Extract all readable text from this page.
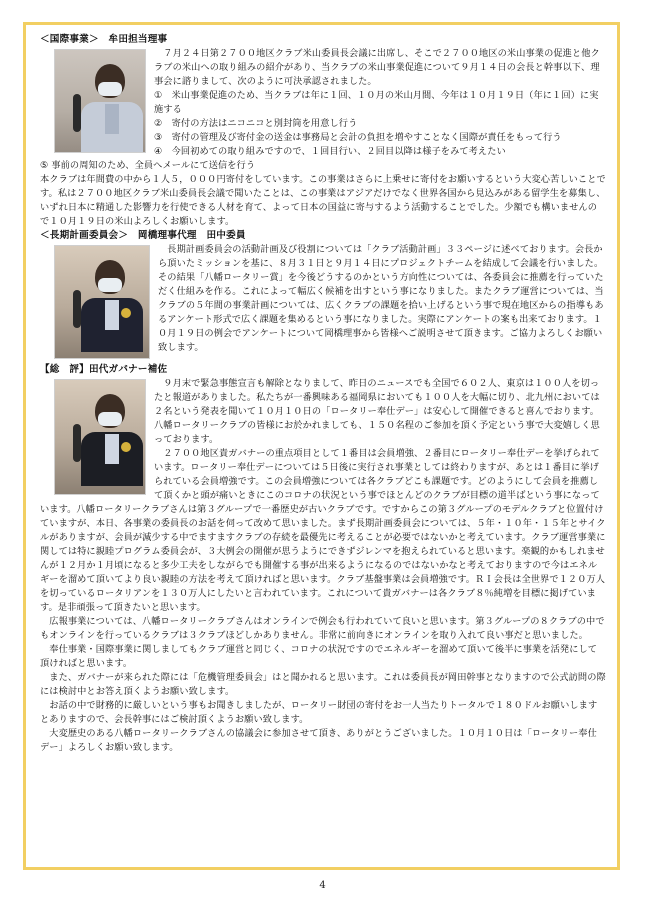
＜国際事業＞　牟田担当理事

　７月２４日第２７００地区クラブ米山委員長会議に出席し、そこで２７００地区の米山事業の促進と他クラブの米山への取り組みの紹介があり、当クラブの米山事業促進について９月１４日の会長と幹事以下、理事会に諮りまして、次のように可決承認されました。

①　米山事業促進のため、当クラブは年に１回、１０月の米山月間、今年は１０月１９日（年に１回）に実施する

②　寄付の方法はニコニコと別封筒を用意し行う

③　寄付の管理及び寄付金の送金は事務局と会計の負担を増やすことなく国際が責任をもって行う

④　今回初めての取り組みですので、１回目行い、２回目以降は様子をみて考えたい

⑤ 事前の周知のため、全員へメールにて送信を行う

本クラブは年間費の中から１人５，０００円寄付をしています。この事業はさらに上乗せに寄付をお願いするという大変心苦しいことです。私は２７００地区クラブ米山委員長会議で聞いたことは、この事業はアジアだけでなく世界各国から見込みがある留学生を募集し、いずれ日本に精通した影響力を行使できる人材を育て、よって日本の国益に寄与するよう活動することでした。少額でも構いませんので１０月１９日の米山よろしくお願いします。

＜長期計画委員会＞　岡橋理事代理　田中委員

　長期計画委員会の活動計画及び役割については「クラブ活動計画」３３ページに述べております。会長から頂いたミッションを基に、８月３１日と９月１４日にプロジェクトチームを結成して会議を行いました。その結果「八幡ロータリー賞」を今後どうするのかという方向性については、各委員会に推薦を行っていただく仕組みを作る。これによって幅広く候補を出すという事になりました。またクラブ運営については、当クラブの５年間の事業計画については、広くクラブの課題を拾い上げるという事で現在地区からの指導もあるアンケート形式で広く課題を集めるという事になりました。実際にアンケートの案も出来ております。１０月１９日の例会でアンケートについて岡橋理事から皆様へご説明させて頂きます。ご協力よろしくお願い致します。

【総　評】田代ガバナー補佐

　９月末で緊急事態宣言も解除となりまして、昨日のニュースでも全国で６０２人、東京は１００人を切ったと報道がありました。私たちが一番興味ある福岡県においても１００人を大幅に切り、北九州においては２名という発表を聞いて１０月１０日の「ロータリー奉仕デー」は安心して開催できると喜んでおります。八幡ロータリークラブの皆様にお於かれましても、１５０名程のご参加を頂く予定という事で大変嬉しく思っております。

　２７００地区貴ガバナーの重点項目として１番目は会員増強、２番目にロータリー奉仕デーを挙げられています。ロータリー奉仕デーについては５日後に実行され事業としては終わりますが、あとは１番目に挙げられている会員増強です。この会員増強については各クラブどこも課題です。どのようにして会員を推薦して頂くかと頭が痛いときにこのコロナの状況という事でほとんどのクラブが目標の道半ばという事になっています。八幡ロータリークラブさんは第３グループで一番歴史が古いクラブです。ですからこの第３グループのモデルクラブと位置付けていますが、本日、各事業の委員長のお話を伺って改めて思いました。まず長期計画委員会については、５年・１０年・１５年とサイクルがありますが、会員が減少する中でますますクラブの存続を最優先に考えることが必要ではないかと考えています。クラブ運営事業に関しては特に親睦プログラム委員会が、３大例会の開催が思うようにできずジレンマを抱えられていると思います。楽観的かもしれませんが１２月か１月頃になると多少工夫をしながらでも開催する事が出来るようになるのではないかなと考えておりますので今はエネルギーを溜めて頂いてより良い親睦の方法を考えて頂ければと思います。クラブ基盤事業は会員増強です。ＲＩ会長は全世界で１２０万人を切っているロータリアンを１３０万人にしたいと言われています。これについて貴ガバナーは各クラブ８％純増を目標に掲げています。是非頑張って頂きたいと思います。

　広報事業については、八幡ロータリークラブさんはオンラインで例会も行われていて良いと思います。第３グループの８クラブの中でもオンラインを行っているクラブは３クラブほどしかありません。非常に前向きにオンラインを取り入れて良い事だと思いました。

　奉仕事業・国際事業に関しましてもクラブ運営と同じく、コロナの状況ですのでエネルギーを溜めて頂いて後半に事業を活発にして頂ければと思います。

　また、ガバナーが来られた際には「危機管理委員会」はと聞かれると思います。これは委員長が岡田幹事となりますので公式訪問の際には検討中とお答え頂くようお願い致します。

　お話の中で財務的に厳しいという事もお聞きしましたが、ロータリー財団の寄付をお一人当たりトータルで１８０ドルお願いしますとありますので、会長幹事にはご検討頂くようお願い致します。

　大変歴史のある八幡ロータリークラブさんの協議会に参加させて頂き、ありがとうございました。１０月１０日は「ロータリー奉仕デー」よろしくお願い致します。

4
